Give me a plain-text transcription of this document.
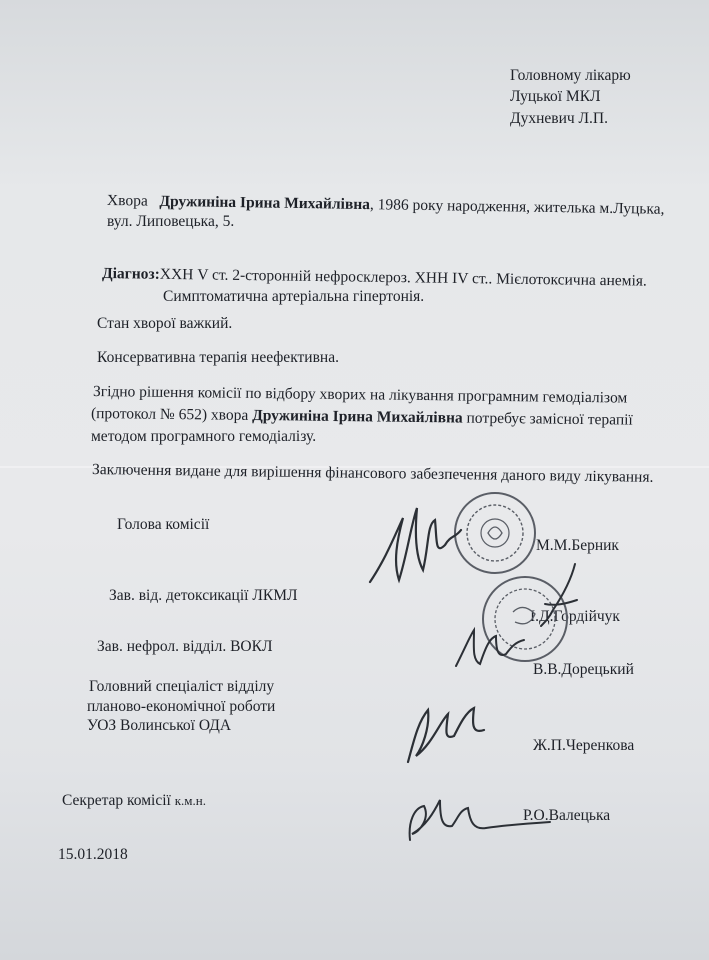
Головному лікарю
Луцької МКЛ
Духневич Л.П.
Хвора Дружиніна Ірина Михайлівна, 1986 року народження, жителька м.Луцька,
вул. Липовецька, 5.
Діагноз:ХХН V ст. 2-сторонній нефросклероз. ХНН IV ст.. Мієлотоксична анемія.
Симптоматична артеріальна гіпертонія.
Стан хворої важкий.
Консервативна терапія неефективна.
Згідно рішення комісії по відбору хворих на лікування програмним гемодіалізом
(протокол № 652) хвора Дружиніна Ірина Михайлівна потребує замісної терапії
методом програмного гемодіалізу.
Заключення видане для вирішення фінансового забезпечення даного виду лікування.
Голова комісії
М.М.Берник
Зав. від. детоксикації ЛКМЛ
І.Д.Гордійчук
Зав. нефрол. відділ. ВОКЛ
В.В.Дорецький
Головний спеціаліст відділу
планово-економічної роботи
УОЗ Волинської ОДА
Ж.П.Черенкова
Секретар комісії к.м.н.
Р.О.Валецька
15.01.2018
